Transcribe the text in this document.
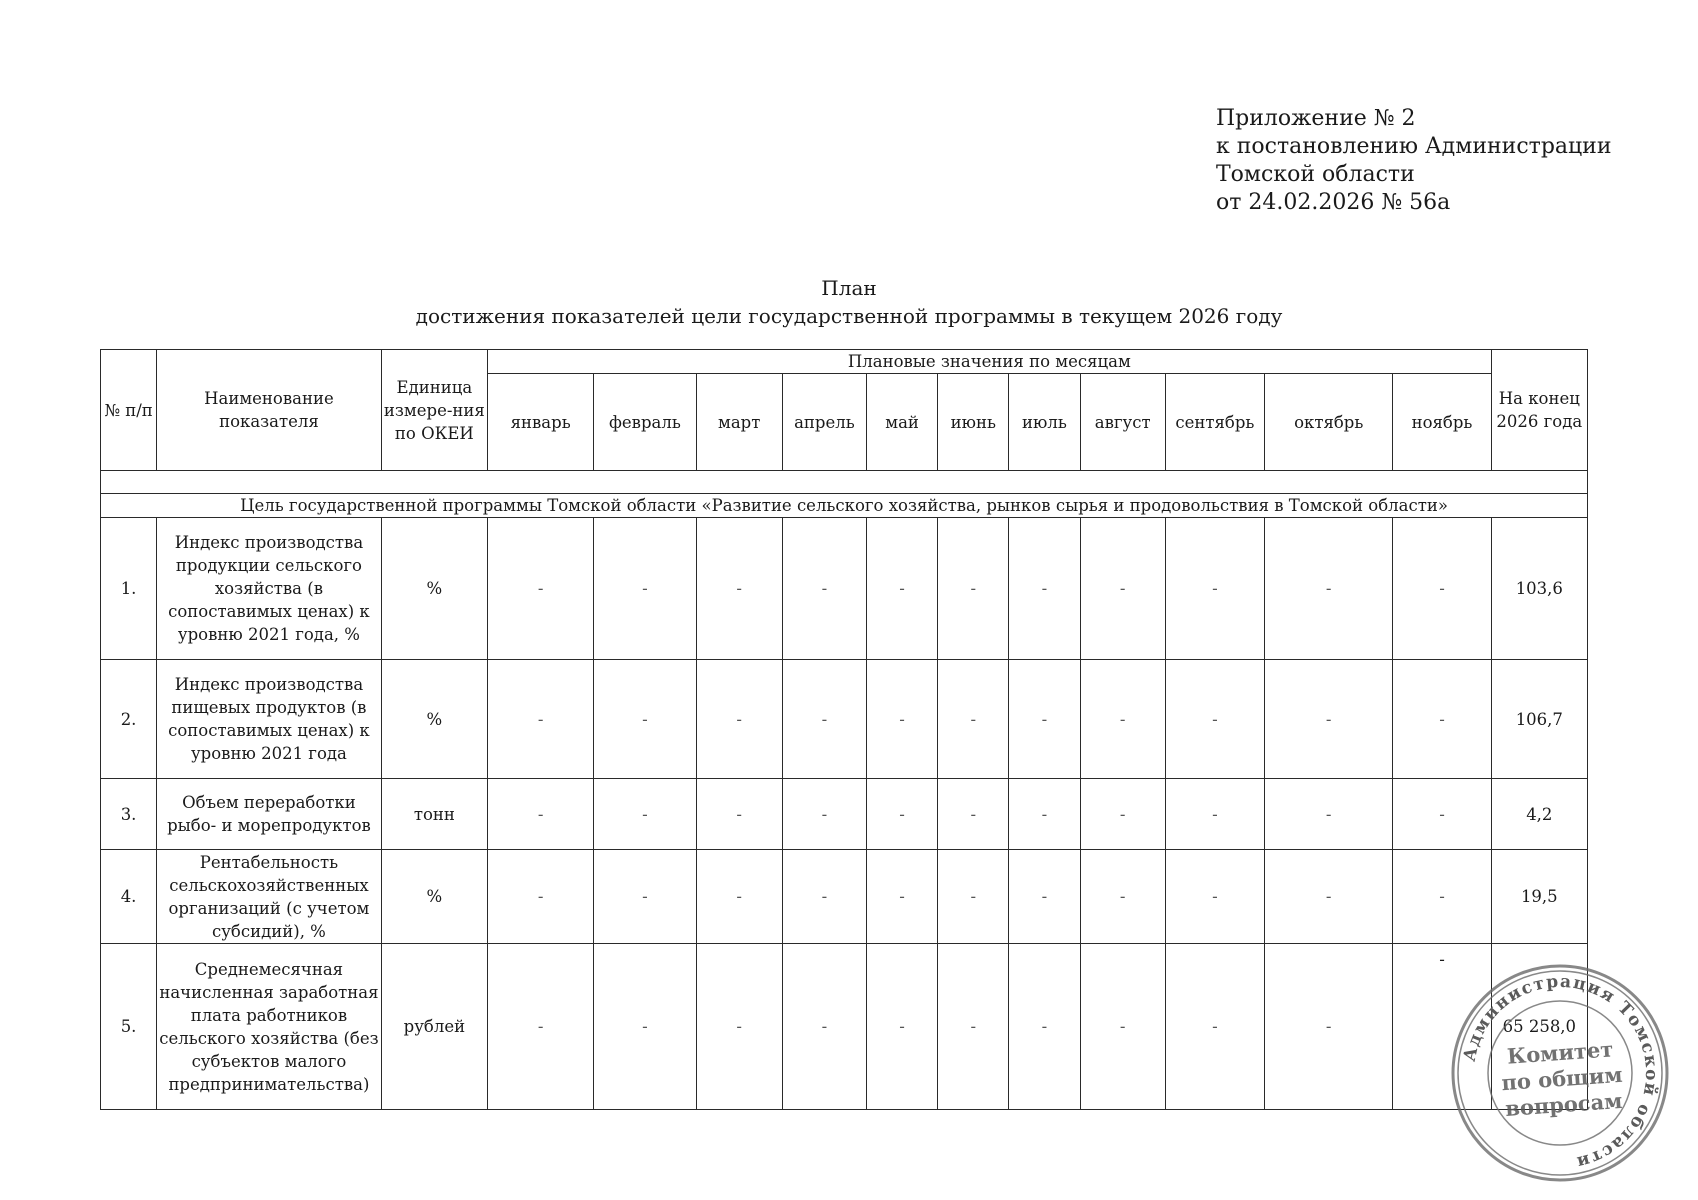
Приложение № 2
к постановлению Администрации
Томской области
от 24.02.2026 № 56а
План
достижения показателей цели государственной программы в текущем 2026 году
№ п/п	Наименование показателя	Единица измере-ния по ОКЕИ	Плановые значения по месяцам											На конец 2026 года
			январь	февраль	март	апрель	май	июнь	июль	август	сентябрь	октябрь	ноябрь	

Цель государственной программы Томской области «Развитие сельского хозяйства, рынков сырья и продовольствия в Томской области»														
1.	Индекс производства продукции сельского хозяйства (в сопоставимых ценах) к уровню 2021 года, %	%	-	-	-	-	-	-	-	-	-	-	-	103,6
2.	Индекс производства пищевых продуктов (в сопоставимых ценах) к уровню 2021 года	%	-	-	-	-	-	-	-	-	-	-	-	106,7
3.	Объем переработки рыбо- и морепродуктов	тонн	-	-	-	-	-	-	-	-	-	-	-	4,2
4.	Рентабельность сельскохозяйственных организаций (с учетом субсидий), %	%	-	-	-	-	-	-	-	-	-	-	-	19,5
5.	Среднемесячная начисленная заработная плата работников сельского хозяйства (без субъектов малого предпринимательства)	рублей	-	-	-	-	-	-	-	-	-	-	-	65 258,0
Администрация Томской области
Комитет
по общим
вопросам
